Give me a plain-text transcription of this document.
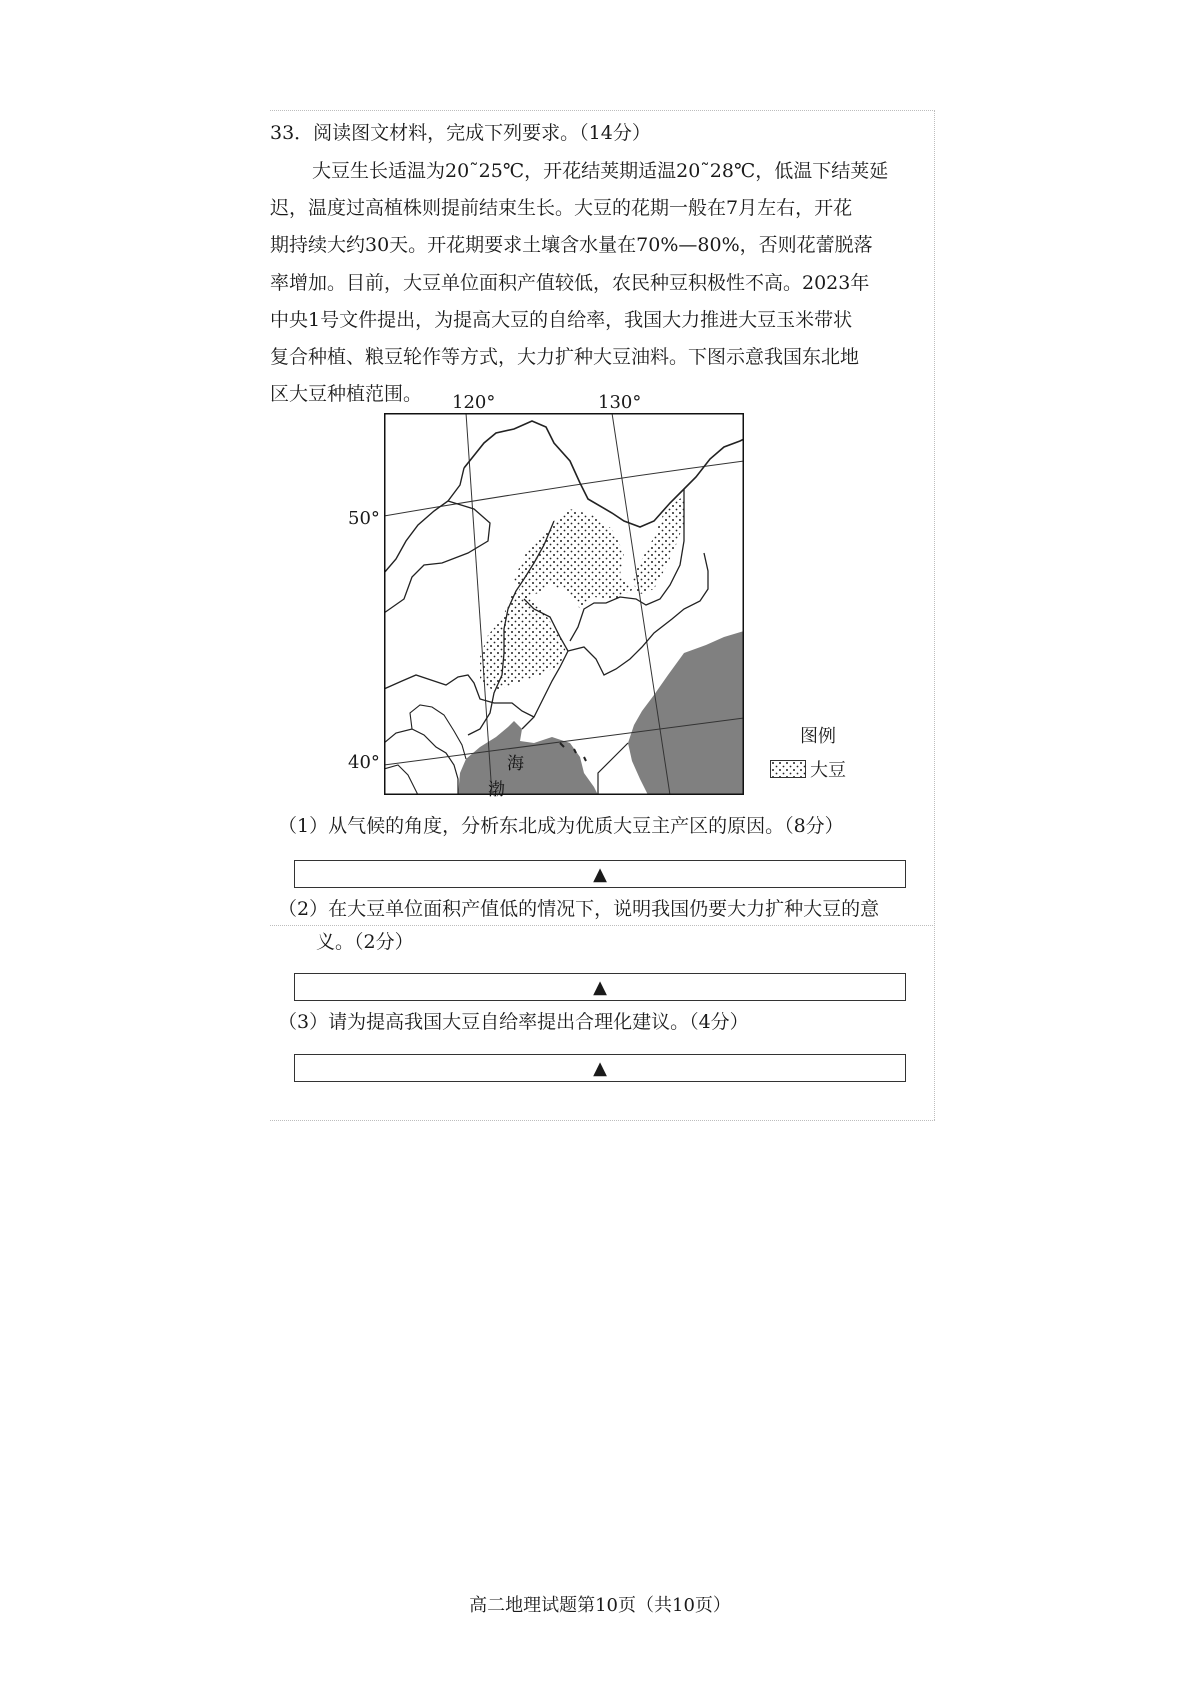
33．阅读图文材料，完成下列要求。（14分）
大豆生长适温为20˜25℃，开花结荚期适温20˜28℃，低温下结荚延
迟，温度过高植株则提前结束生长。大豆的花期一般在7月左右，开花
期持续大约30天。开花期要求土壤含水量在70%—80%，否则花蕾脱落
率增加。目前，大豆单位面积产值较低，农民种豆积极性不高。2023年
中央1号文件提出，为提高大豆的自给率，我国大力推进大豆玉米带状
复合种植、粮豆轮作等方式，大力扩种大豆油料。下图示意我国东北地
区大豆种植范围。	120°	130°
50°
40°	海
渤
图例
大豆
（1）从气候的角度，分析东北成为优质大豆主产区的原因。（8分）
▲
（2）在大豆单位面积产值低的情况下，说明我国仍要大力扩种大豆的意
义。（2分）
▲
（3）请为提高我国大豆自给率提出合理化建议。（4分）
▲
高二地理试题第10页（共10页）
